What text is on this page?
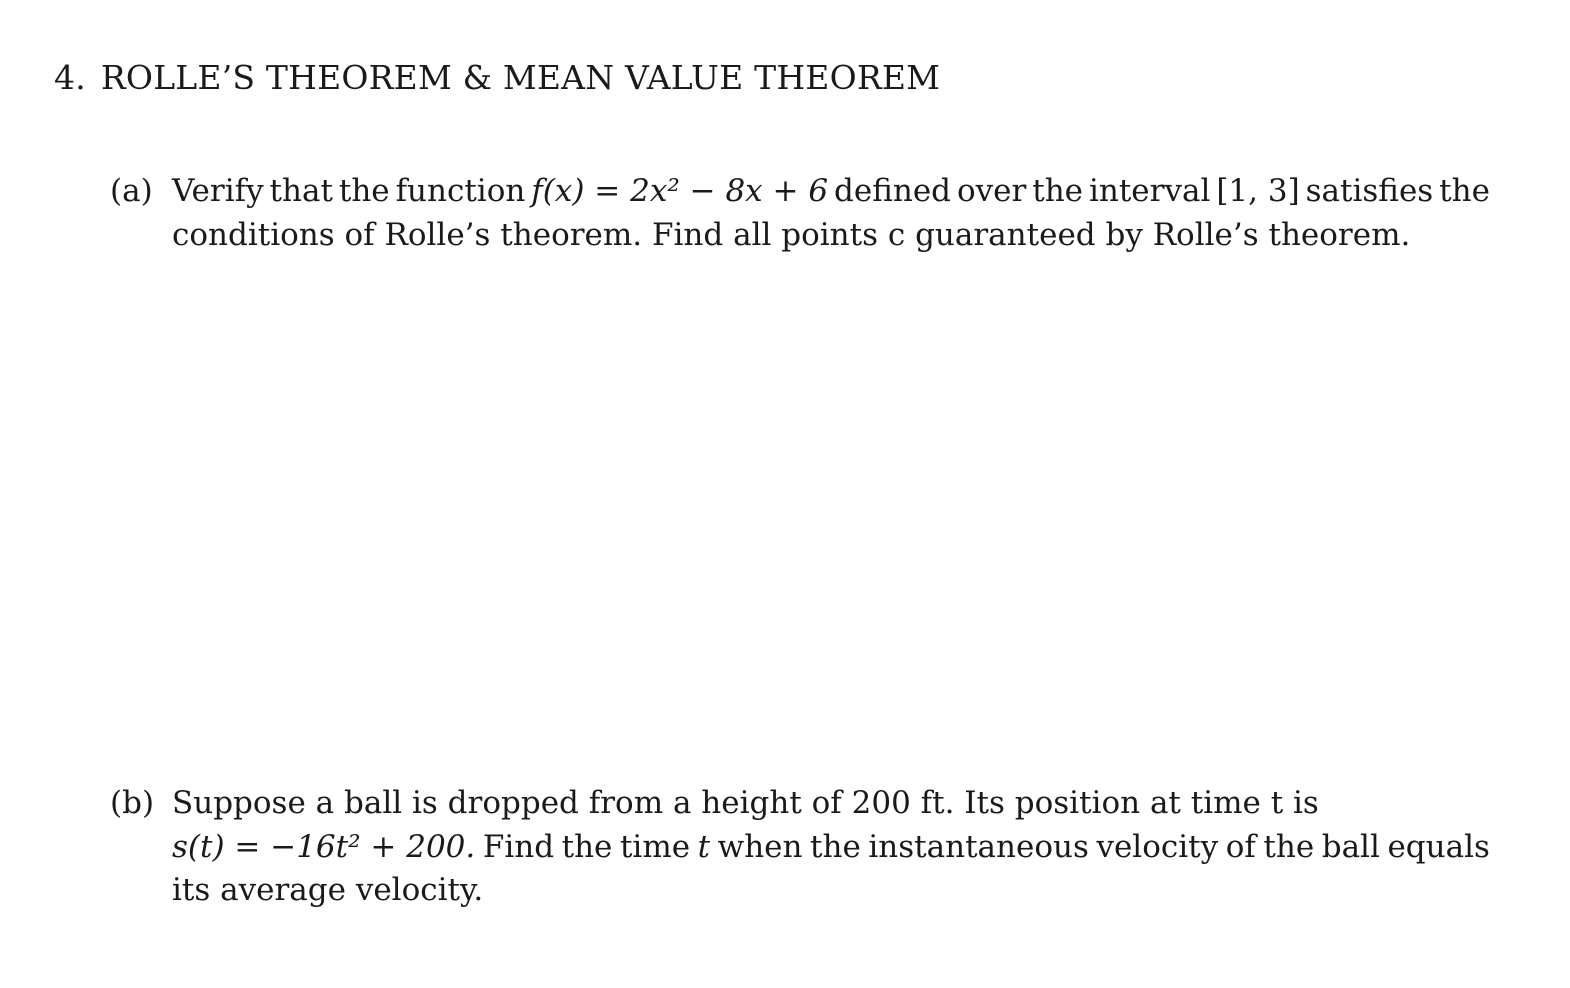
4. ROLLE’S THEOREM & MEAN VALUE THEOREM
(a) Verify that the function f(x) = 2x² − 8x + 6 defined over the interval [1, 3] satisfies the
conditions of Rolle’s theorem. Find all points c guaranteed by Rolle’s theorem.
(b) Suppose a ball is dropped from a height of 200 ft. Its position at time t is
s(t) = −16t² + 200. Find the time t when the instantaneous velocity of the ball equals
its average velocity.
